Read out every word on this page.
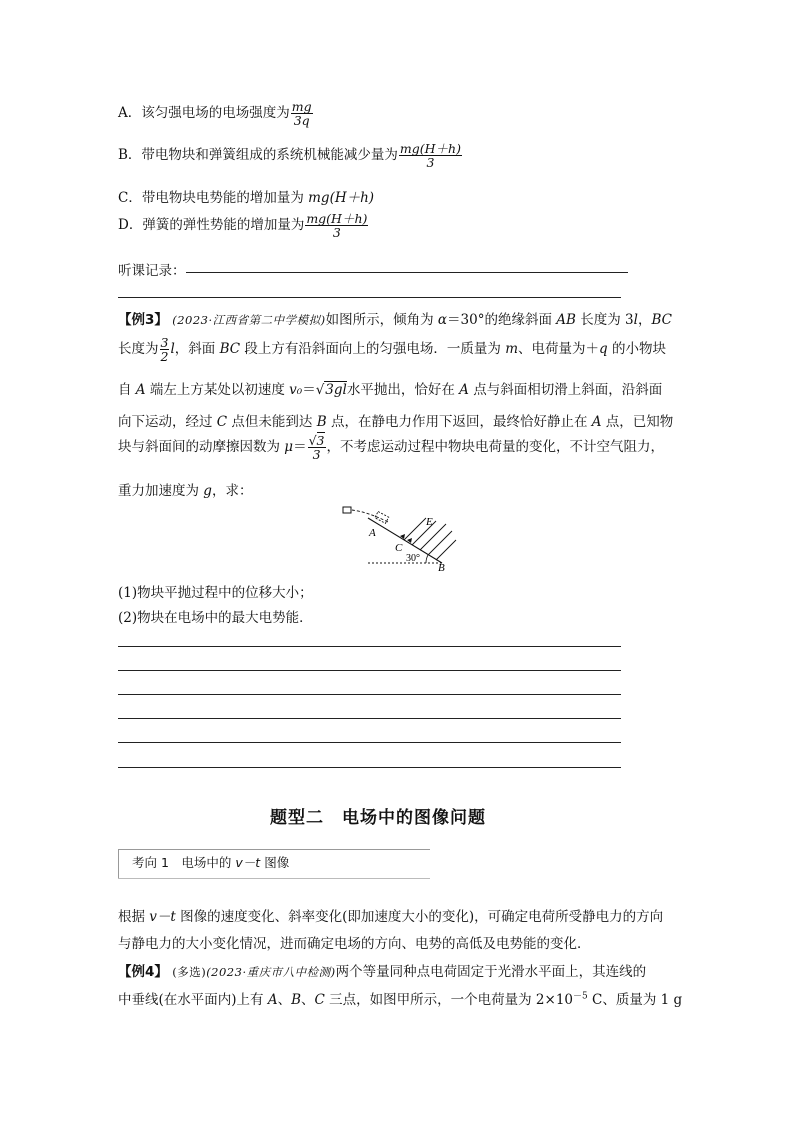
A．该匀强电场的电场强度为 $\frac{mg}{3q}$
B．带电物块和弹簧组成的系统机械能减少量为 $\frac{mg(H+h)}{3}$
C．带电物块电势能的增加量为 mg(H＋h)
D．弹簧的弹性势能的增加量为 $\frac{mg(H+h)}{3}$
听课记录：
【例3】 (2023·江西省第二中学模拟)如图所示，倾角为 α＝30°的绝缘斜面 AB 长度为 3l，BC
长度为 $\frac{3}{2}$ l，斜面 BC 段上方有沿斜面向上的匀强电场．一质量为 m、电荷量为＋q 的小物块
自 A 端左上方某处以初速度 v₀＝√3gl水平抛出，恰好在 A 点与斜面相切滑上斜面，沿斜面
向下运动，经过 C 点但未能到达 B 点，在静电力作用下返回，最终恰好静止在 A 点，已知物
块与斜面间的动摩擦因数为 $\mu= \frac{√3}{3}$ ，不考虑运动过程中物块电荷量的变化，不计空气阻力，
重力加速度为 g，求：
A
C
E
B
30°
(1)物块平抛过程中的位移大小；
(2)物块在电场中的最大电势能．
题型二　电场中的图像问题
考向 1　电场中的 v－t 图像
根据 v－t 图像的速度变化、斜率变化(即加速度大小的变化)，可确定电荷所受静电力的方向
与静电力的大小变化情况，进而确定电场的方向、电势的高低及电势能的变化．
【例4】 (多选)(2023·重庆市八中检测)两个等量同种点电荷固定于光滑水平面上，其连线的
中垂线(在水平面内)上有 A、B、C 三点，如图甲所示，一个电荷量为 $2\times 10^{-5}$ C、质量为 1 g
